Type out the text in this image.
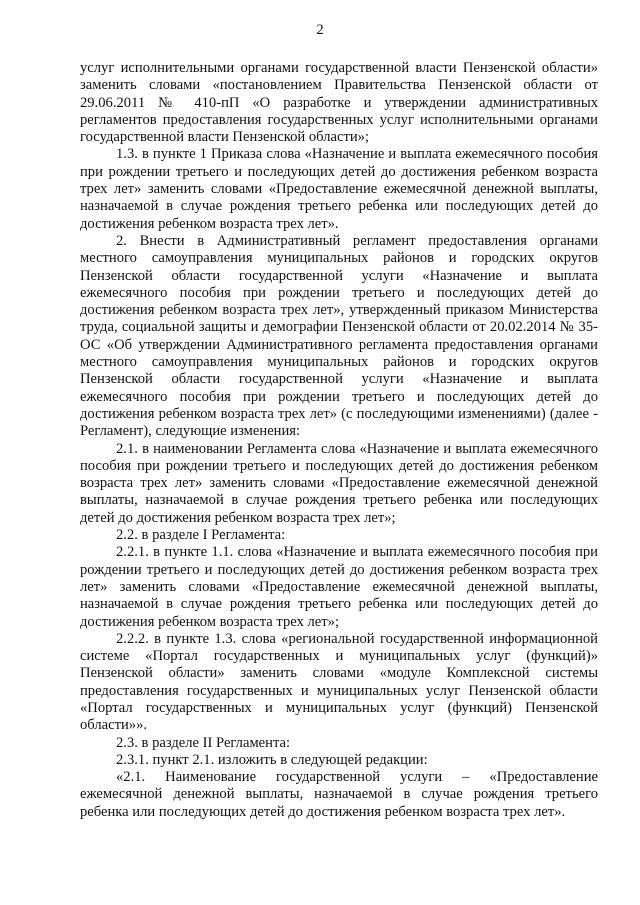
2

услуг исполнительными органами государственной власти Пензенской области» заменить словами «постановлением Правительства Пензенской области от 29.06.2011 № 410-пП «О разработке и утверждении административных регламентов предоставления государственных услуг исполнительными органами государственной власти Пензенской области»;

1.3. в пункте 1 Приказа слова «Назначение и выплата ежемесячного пособия при рождении третьего и последующих детей до достижения ребенком возраста трех лет» заменить словами «Предоставление ежемесячной денежной выплаты, назначаемой в случае рождения третьего ребенка или последующих детей до достижения ребенком возраста трех лет».

2. Внести в Административный регламент предоставления органами местного самоуправления муниципальных районов и городских округов Пензенской области государственной услуги «Назначение и выплата ежемесячного пособия при рождении третьего и последующих детей до достижения ребенком возраста трех лет», утвержденный приказом Министерства труда, социальной защиты и демографии Пензенской области от 20.02.2014 № 35-ОС «Об утверждении Административного регламента предоставления органами местного самоуправления муниципальных районов и городских округов Пензенской области государственной услуги «Назначение и выплата ежемесячного пособия при рождении третьего и последующих детей до достижения ребенком возраста трех лет» (с последующими изменениями) (далее - Регламент), следующие изменения:

2.1. в наименовании Регламента слова «Назначение и выплата ежемесячного пособия при рождении третьего и последующих детей до достижения ребенком возраста трех лет» заменить словами «Предоставление ежемесячной денежной выплаты, назначаемой в случае рождения третьего ребенка или последующих детей до достижения ребенком возраста трех лет»;

2.2. в разделе I Регламента:

2.2.1. в пункте 1.1. слова «Назначение и выплата ежемесячного пособия при рождении третьего и последующих детей до достижения ребенком возраста трех лет» заменить словами «Предоставление ежемесячной денежной выплаты, назначаемой в случае рождения третьего ребенка или последующих детей до достижения ребенком возраста трех лет»;

2.2.2. в пункте 1.3. слова «региональной государственной информационной системе «Портал государственных и муниципальных услуг (функций)» Пензенской области» заменить словами «модуле Комплексной системы предоставления государственных и муниципальных услуг Пензенской области «Портал государственных и муниципальных услуг (функций) Пензенской области»».

2.3. в разделе II Регламента:

2.3.1. пункт 2.1. изложить в следующей редакции:

«2.1. Наименование государственной услуги – «Предоставление ежемесячной денежной выплаты, назначаемой в случае рождения третьего ребенка или последующих детей до достижения ребенком возраста трех лет».
